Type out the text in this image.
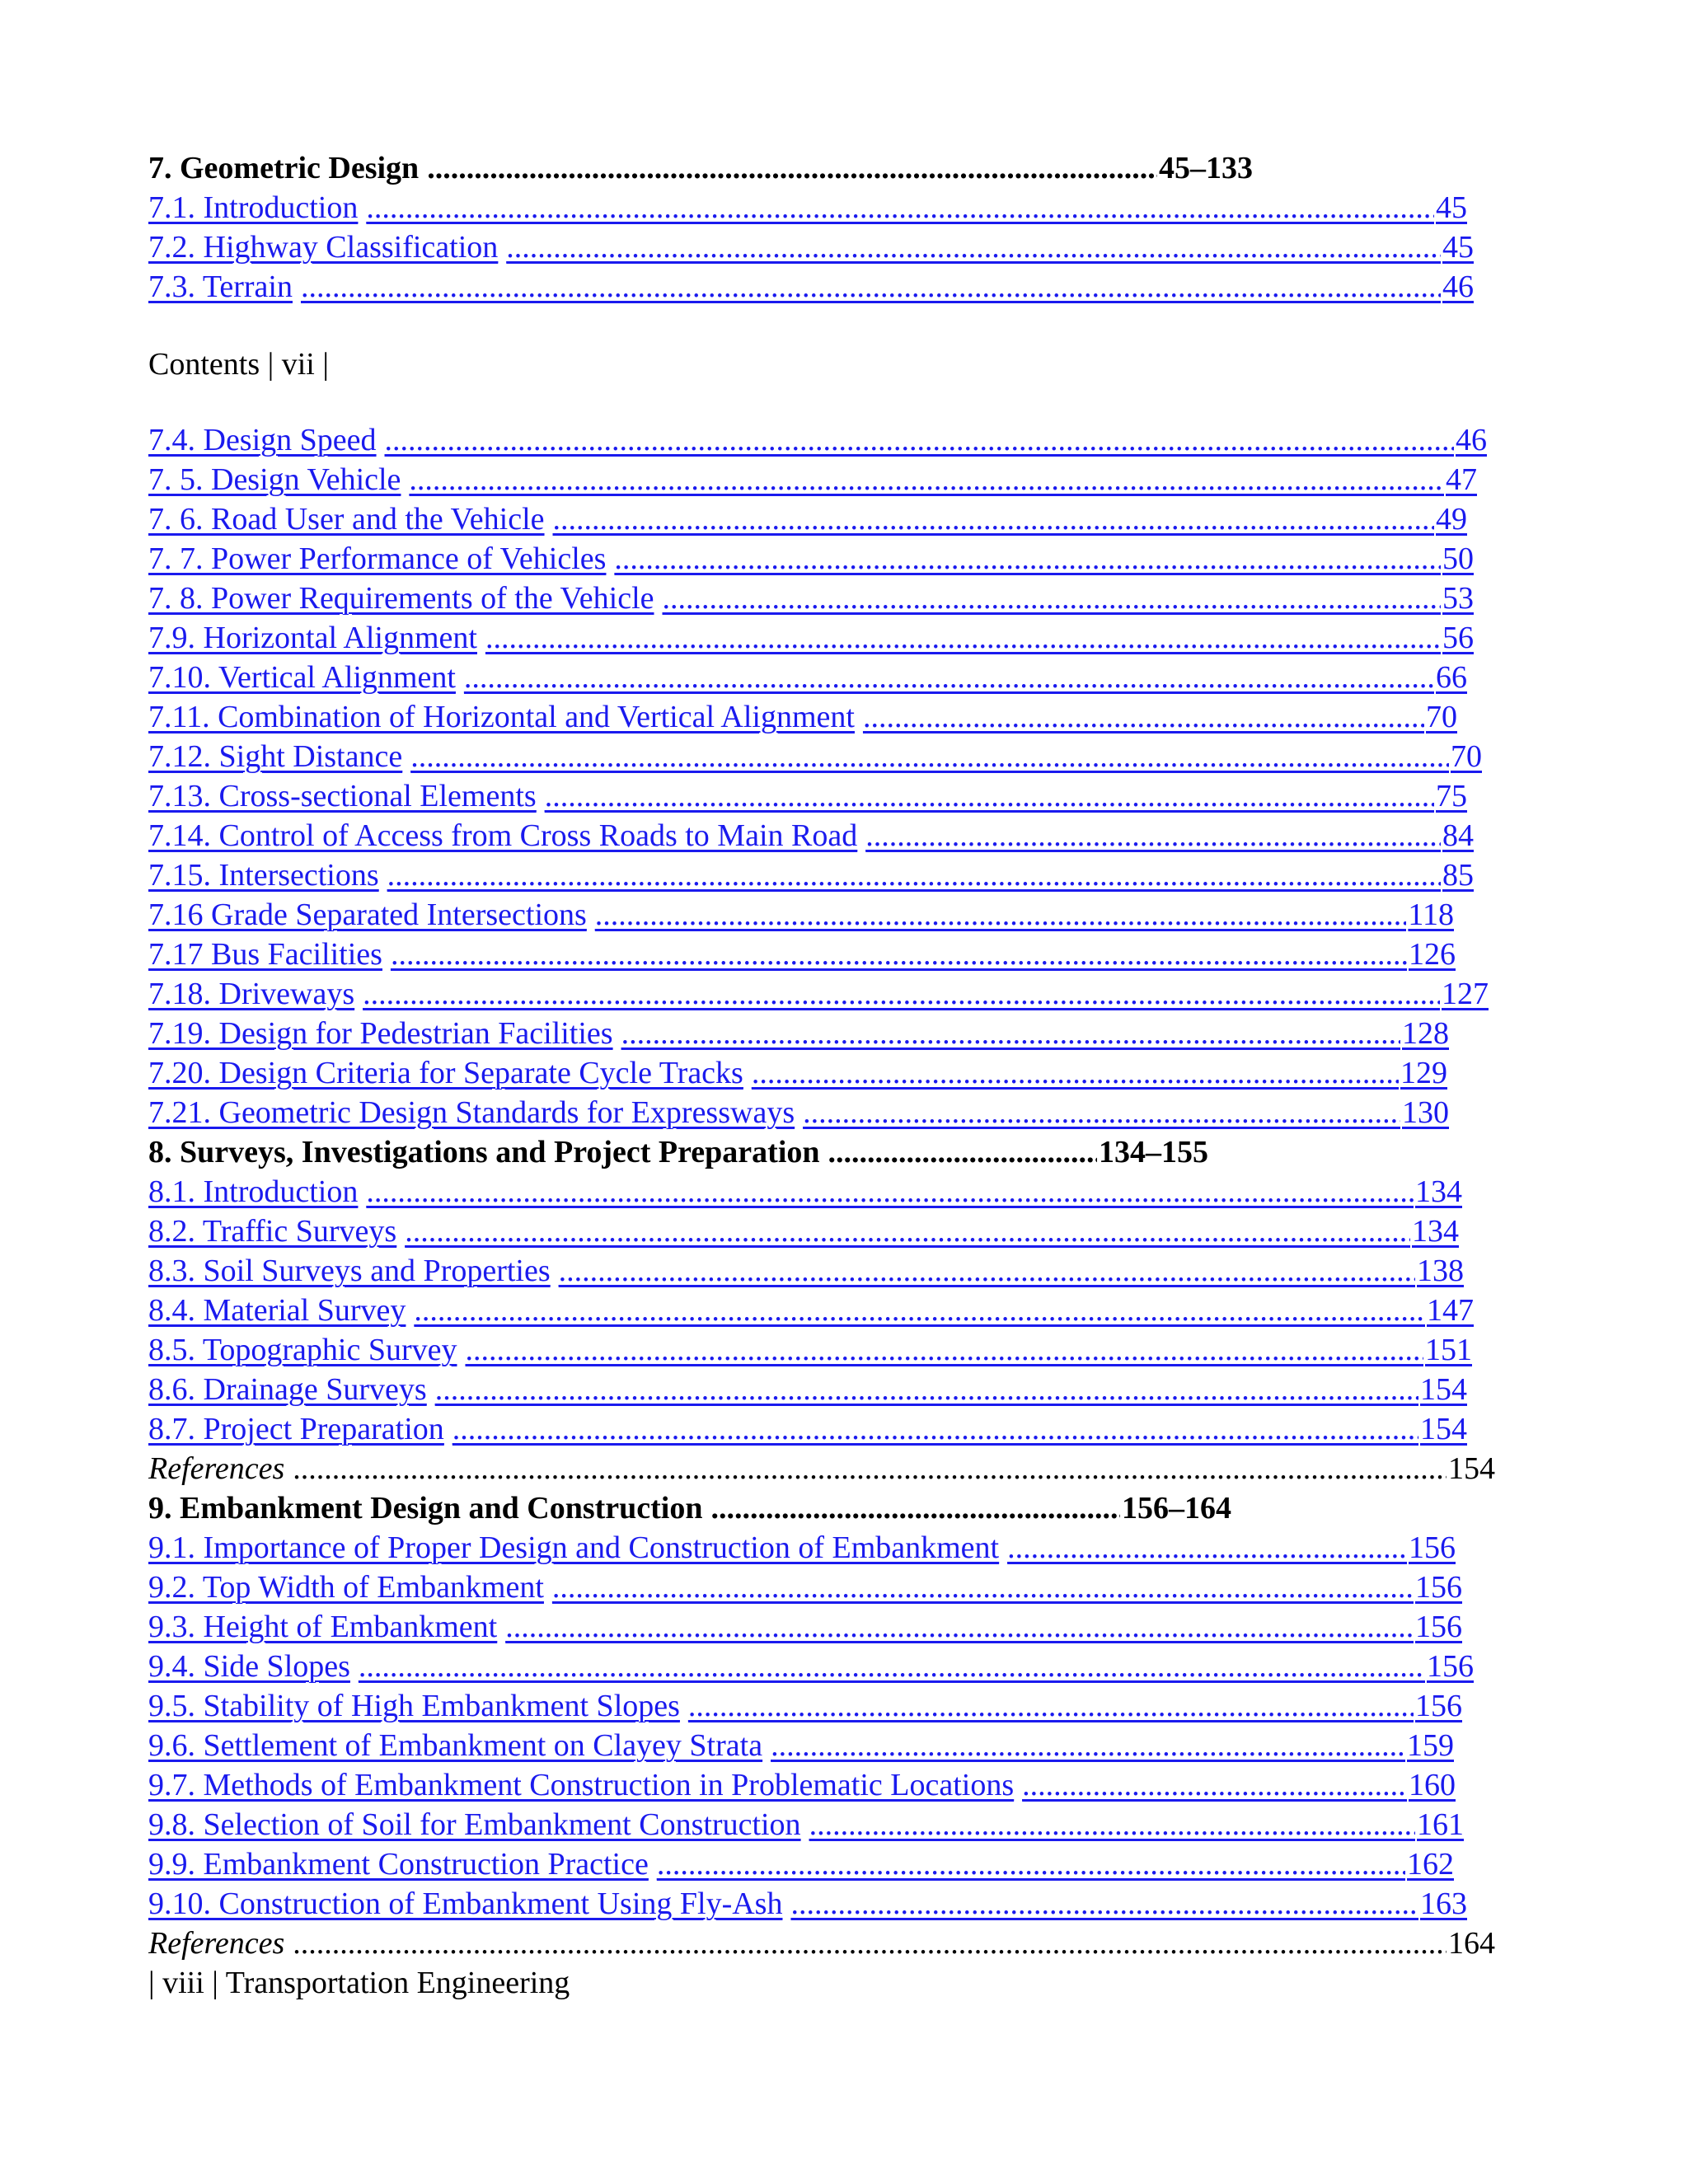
7. Geometric Design .....	45–133
7.1. Introduction .....	45
7.2. Highway Classification .....	45
7.3. Terrain .....	46
Contents | vii |
7.4. Design Speed .....	46
7. 5. Design Vehicle .....	47
7. 6. Road User and the Vehicle .....	49
7. 7. Power Performance of Vehicles .....	50
7. 8. Power Requirements of the Vehicle .....	53
7.9. Horizontal Alignment .....	56
7.10. Vertical Alignment .....	66
7.11. Combination of Horizontal and Vertical Alignment .....	70
7.12. Sight Distance .....	70
7.13. Cross-sectional Elements .....	75
7.14. Control of Access from Cross Roads to Main Road .....	84
7.15. Intersections .....	85
7.16 Grade Separated Intersections .....	118
7.17 Bus Facilities .....	126
7.18. Driveways .....	127
7.19. Design for Pedestrian Facilities .....	128
7.20. Design Criteria for Separate Cycle Tracks .....	129
7.21. Geometric Design Standards for Expressways .....	130
8. Surveys, Investigations and Project Preparation .....	134–155
8.1. Introduction .....	134
8.2. Traffic Surveys .....	134
8.3. Soil Surveys and Properties .....	138
8.4. Material Survey .....	147
8.5. Topographic Survey .....	151
8.6. Drainage Surveys .....	154
8.7. Project Preparation .....	154
References .....	154
9. Embankment Design and Construction .....	156–164
9.1. Importance of Proper Design and Construction of Embankment .....	156
9.2. Top Width of Embankment .....	156
9.3. Height of Embankment .....	156
9.4. Side Slopes .....	156
9.5. Stability of High Embankment Slopes .....	156
9.6. Settlement of Embankment on Clayey Strata .....	159
9.7. Methods of Embankment Construction in Problematic Locations .....	160
9.8. Selection of Soil for Embankment Construction .....	161
9.9. Embankment Construction Practice .....	162
9.10. Construction of Embankment Using Fly-Ash .....	163
References .....	164
| viii | Transportation Engineering
